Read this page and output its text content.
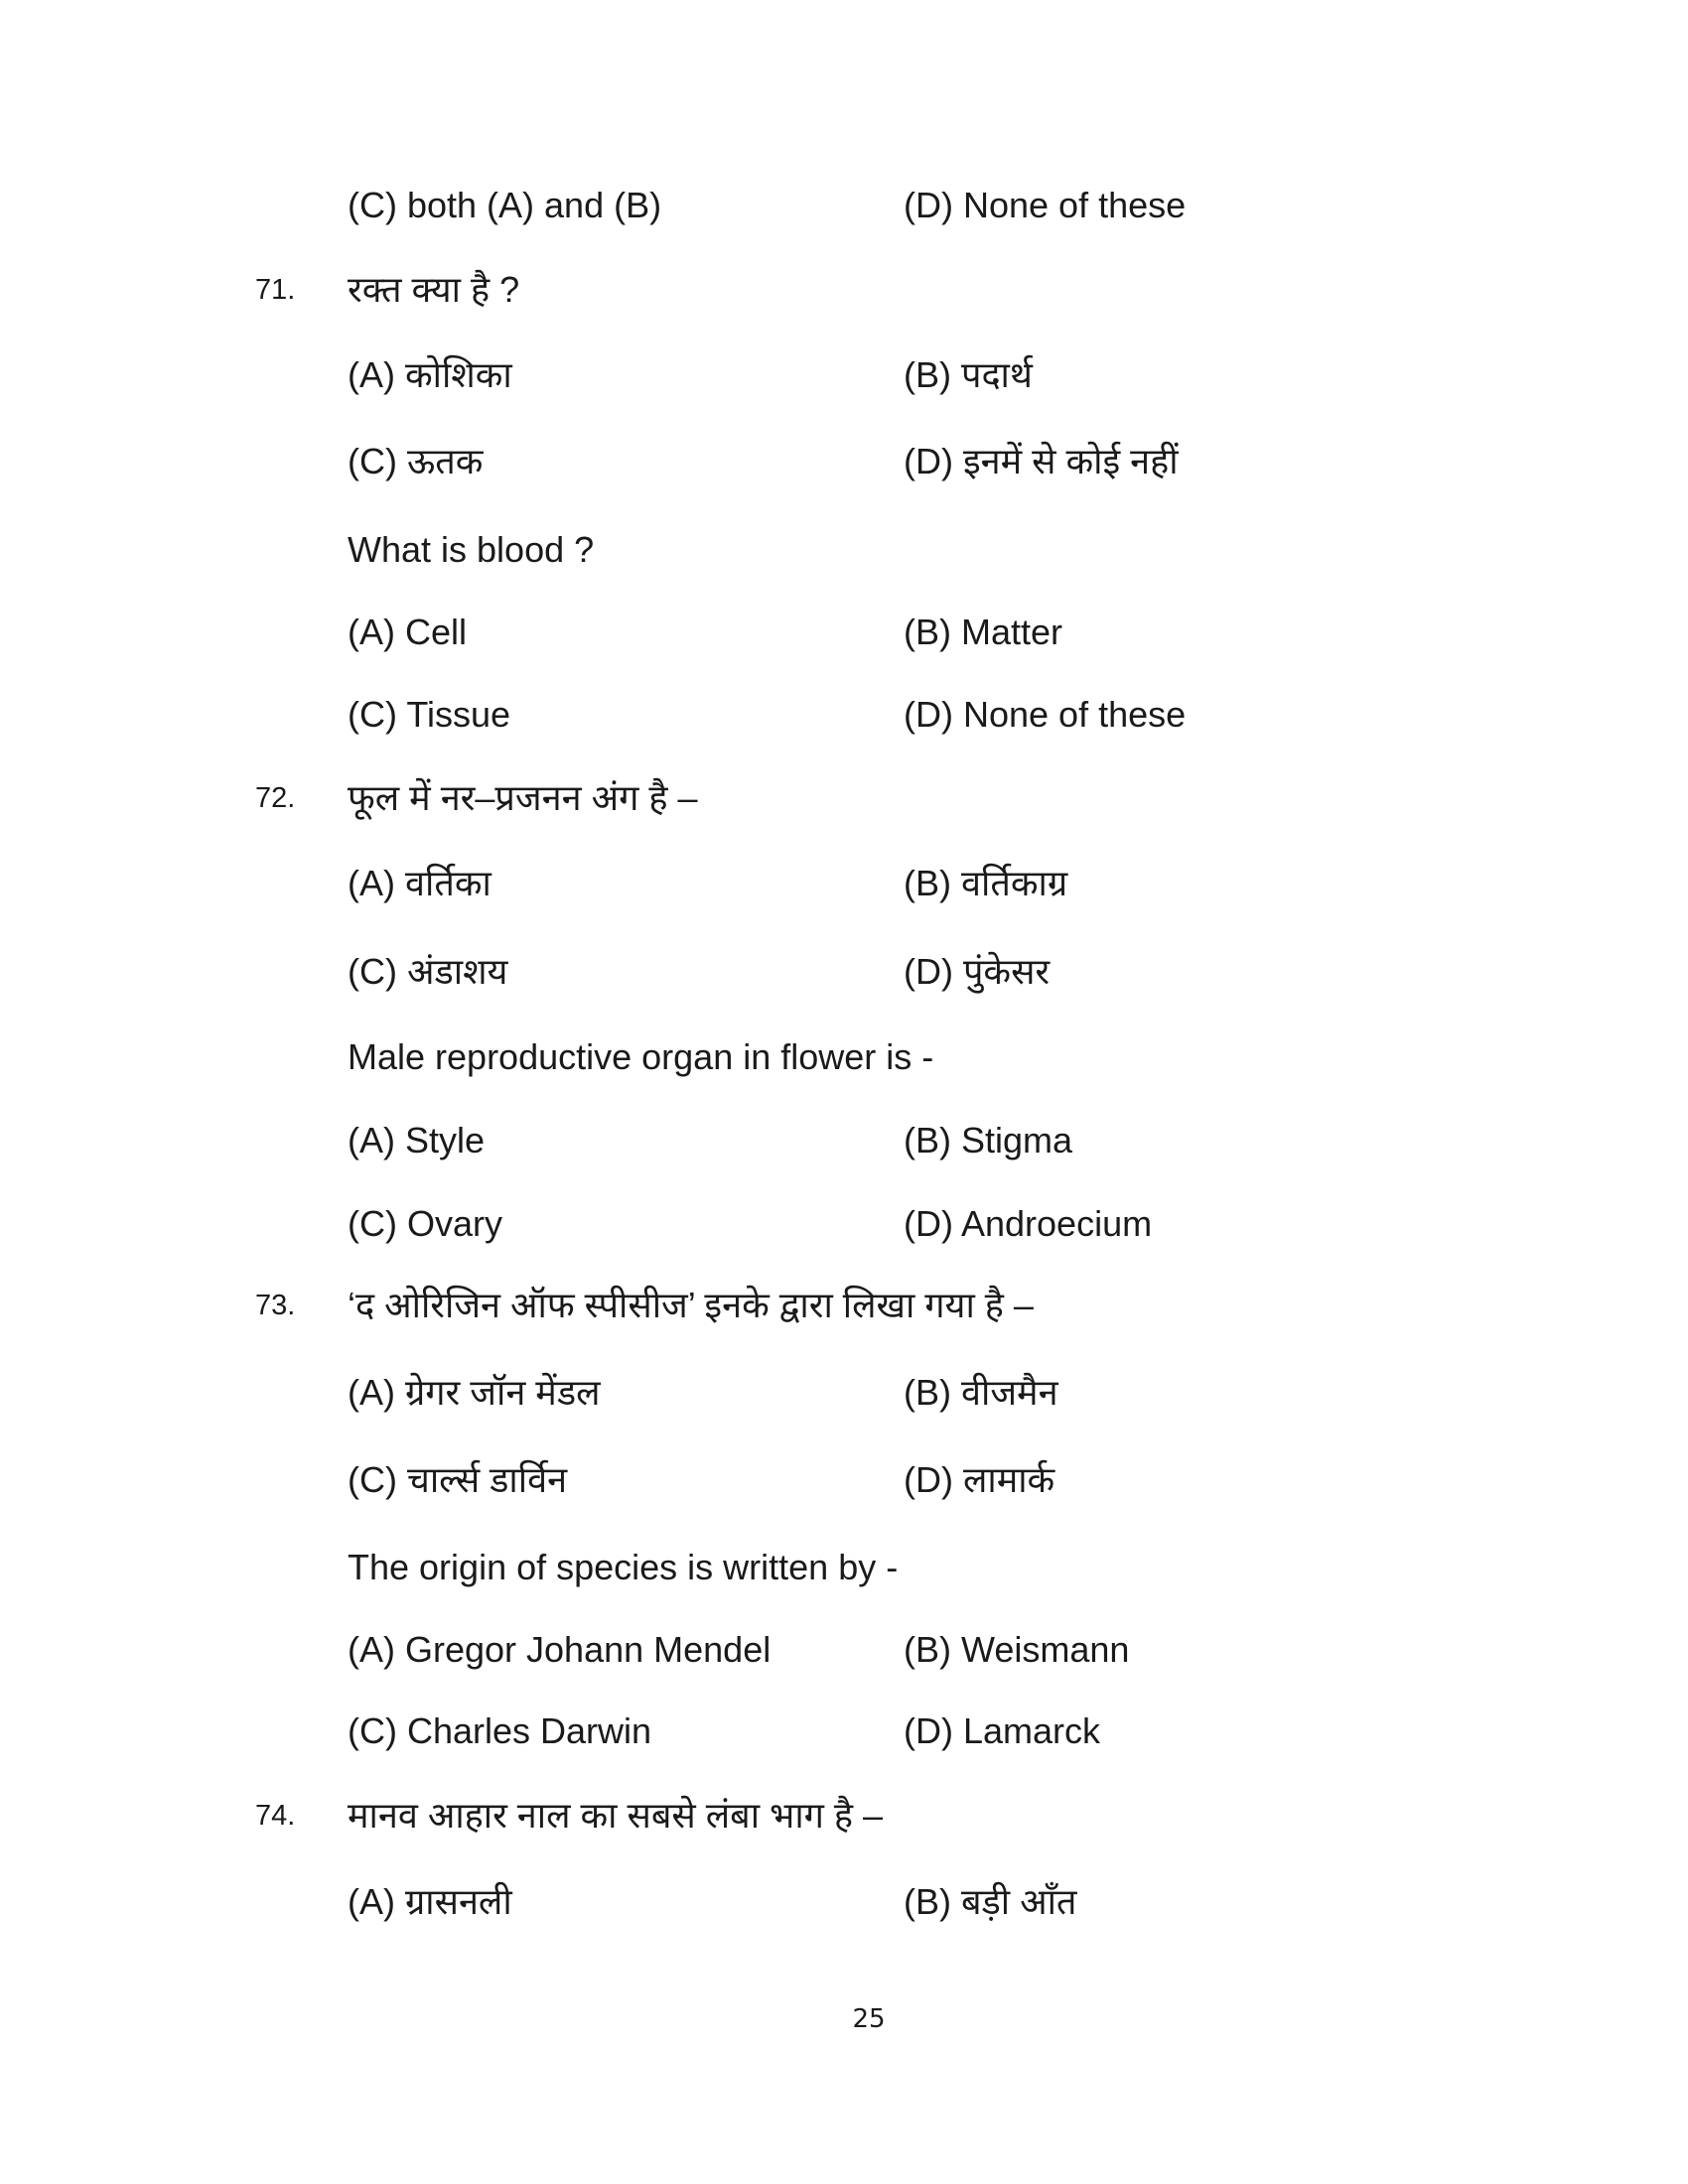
(C) both (A) and (B)	(D) None of these
71. रक्त क्या है ?
(A) कोशिका	(B) पदार्थ
(C) ऊतक	(D) इनमें से कोई नहीं
What is blood ?
(A) Cell	(B) Matter
(C) Tissue	(D) None of these
72. फूल में नर–प्रजनन अंग है –
(A) वर्तिका	(B) वर्तिकाग्र
(C) अंडाशय	(D) पुंकेसर
Male reproductive organ in flower is -
(A) Style	(B) Stigma
(C) Ovary	(D) Androecium
73. ‘द ओरिजिन ऑफ स्पीसीज’ इनके द्वारा लिखा गया है –
(A) ग्रेगर जॉन मेंडल	(B) वीजमैन
(C) चार्ल्स डार्विन	(D) लामार्क
The origin of species is written by -
(A) Gregor Johann Mendel	(B) Weismann
(C) Charles Darwin	(D) Lamarck
74. मानव आहार नाल का सबसे लंबा भाग है –
(A) ग्रासनली	(B) बड़ी आँत
25
